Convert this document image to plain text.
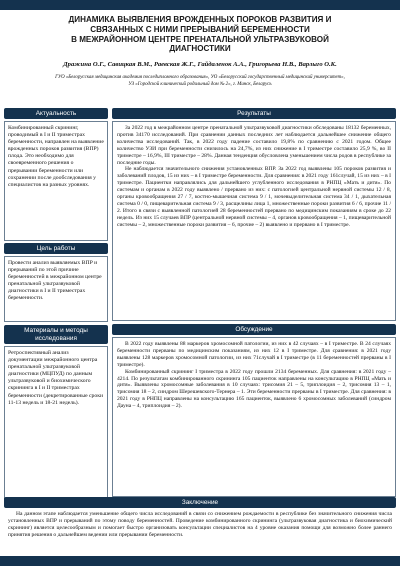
ДИНАМИКА ВЫЯВЛЕНИЯ ВРОЖДЕННЫХ ПОРОКОВ РАЗВИТИЯ И
СВЯЗАННЫХ С НИМИ ПРЕРЫВАНИЙ БЕРЕМЕННОСТИ
В МЕЖРАЙОННОМ ЦЕНТРЕ ПРЕНАТАЛЬНОЙ УЛЬТРАЗВУКОВОЙ
ДИАГНОСТИКИ
Дражина О.Г., Савицкая В.М., Раевская Ж.Г., Гайдаленок А.А., Григорьева Н.В., Варлыго О.К.
ГУО «Белорусская медицинская академия последипломного образования», УО «Белорусский государственный медицинский университет»,
УЗ «Городской клинический родильный дом № 2», г. Минск, Беларусь
Актуальность
Комбинированный скрининг, проводимый в I и II триместрах беременности, направлен на выявление врожденных пороков развития (ВПР) плода. Это необходимо для своевременного решения о прерывании беременности или сохранении после дообследования у специалистов на разных уровнях.
Цель работы
Провести анализ выявляемых ВПР и прерываний по этой причине беременностей в межрайонном центре пренатальной ультразвуковой диагностики в I и II триместрах беременности.
Материалы и методы
исследования
Ретроспективный анализ документации межрайонного центра пренатальной ультразвуковой диагностики (МЦПУД) по данным ультразвуковой и биохимического скрининга в I и II триместрах беременности (декретированные сроки 11-13 недель и 18-21 недель).
Результаты

За 2022 год в межрайонном центре пренатальной ультразвуковой диагностики обследованы 18132 беременных, против 34170 исследований. При сравнении данных последних лет наблюдается дальнейшее снижение общего количества исследований. Так, в 2022 году падение составило 19,8% по сравнению с 2021 годом. Общее количество УЗИ при беременности снизилось на 24,7%, из них снижение в I триместре составило 25,9 %, во II триместре – 16,9%, III триместре – 28%. Данная тенденция обусловлена уменьшением числа родов в республике за последние годы.

Не наблюдается значительного снижения установленных ВПР. За 2022 год выявлены 105 пороков развития и заболеваний плодов, 15 из них – в I триместре беременности. Для сравнения: в 2021 году 161случай, 15 из них – в I триместре. Пациентки направлялись для дальнейшего углубленного исследования в РНПЦ «Мать и дитя». По системам и органам в 2022 году выявлено / прервано из них: с патологией центральной нервной системы 12 / 8, органы кровообращения 27 / 7, костно-мышечная система 9 / 1, мочевыделительная система 34 / 1, дыхательная система 0 / 0, пищеварительная система 9 / 3, расщелины лица 1, множественные пороки развития 6 / 6, прочие 11 / 2. Итого в связи с выявленной патологией 28 беременностей прервано по медицинским показаниям в сроке до 22 недель. Из них 15 случаев ВПР (центральной нервной системы – 4, органов кровообращения – 1, пищеварительной системы – 2, множественные пороки развития – 6, прочие – 2) выявлено и прервано в I триместре.

Обсуждение

В 2022 году выявлены 88 маркеров хромосомной патологии, из них в 42 случаях – в I триместре. В 24 случаях беременности прерваны по медицинским показаниям, из них 12 в I триместре. Для сравнения: в 2021 году выявлены 128 маркеров хромосомной патологии, из них 71случай в I триместре (в 11 беременностей прерваны в I триместре).

Комбинированный скрининг I триместра в 2022 году прошли 2134 беременных. Для сравнения: в 2021 году – 4214. По результатам комбинированного скрининга 105 пациенток направлены на консультацию в РНПЦ «Мать и дитя». Выявлены хромосомные заболевания в 10 случаях: трисомия 21 – 5, триплоидия – 2, трисомия 13 – 1, трисомия 18 – 2, синдром Шерешевского-Тернера – 1. Эти беременности прерваны в I триместре. Для сравнения: в 2021 году в РНПЦ направлены на консультацию 165 пациенток, выявлено 6 хромосомных заболеваний (синдром Дауна – 4, триплоидия – 2).

Заключение
На данном этапе наблюдается уменьшение общего числа исследований в связи со снижением рождаемости в республике без значительного снижения числа установленных ВПР и прерываний по этому поводу беременностей. Проведение комбинированного скрининга (ультразвуковая диагностика и биохимический скрининг) является целесообразным и помогает быстро организовать консультации специалистов на 4 уровне оказания помощи для возможно более раннего принятия решения о дальнейшем ведении или прерывании беременности.
